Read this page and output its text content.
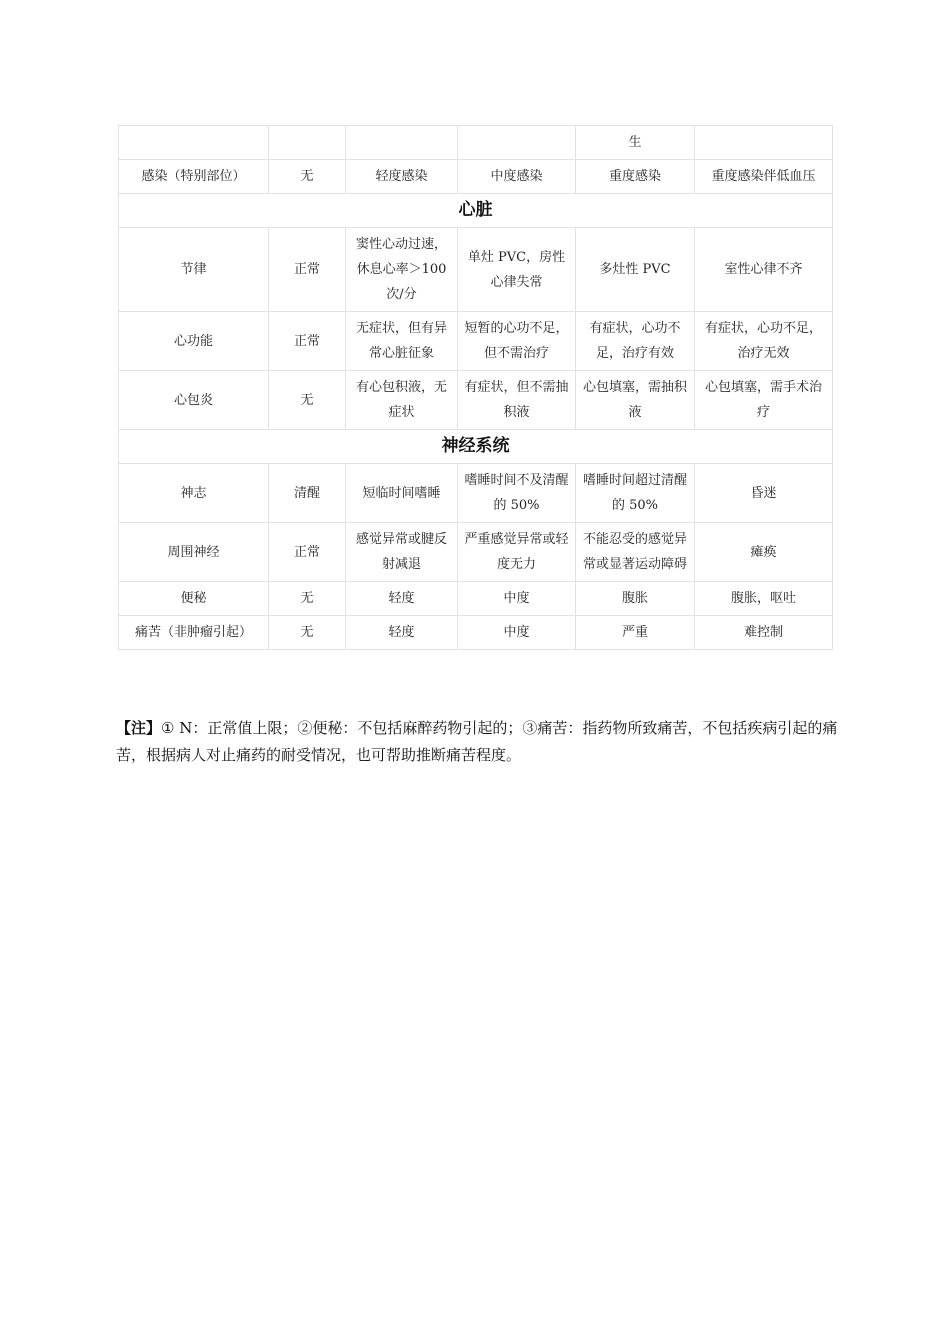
				生	
感染（特别部位）	无	轻度感染	中度感染	重度感染	重度感染伴低血压
心脏					
节律	正常	窦性心动过速，休息心率＞100次/分	单灶 PVC，房性心律失常	多灶性 PVC	室性心律不齐
心功能	正常	无症状，但有异常心脏征象	短暂的心功不足，但不需治疗	有症状，心功不足，治疗有效	有症状，心功不足，治疗无效
心包炎	无	有心包积液，无症状	有症状，但不需抽积液	心包填塞，需抽积液	心包填塞，需手术治疗
神经系统					
神志	清醒	短临时间嗜睡	嗜睡时间不及清醒的 50%	嗜睡时间超过清醒的 50%	昏迷
周围神经	正常	感觉异常或腱反射减退	严重感觉异常或轻度无力	不能忍受的感觉异常或显著运动障碍	瘫痪
便秘	无	轻度	中度	腹胀	腹胀，呕吐
痛苦（非肿瘤引起）	无	轻度	中度	严重	难控制

【注】① N：正常值上限；②便秘：不包括麻醉药物引起的；③痛苦：指药物所致痛苦，不包括疾病引起的痛苦，根据病人对止痛药的耐受情况，也可帮助推断痛苦程度。
